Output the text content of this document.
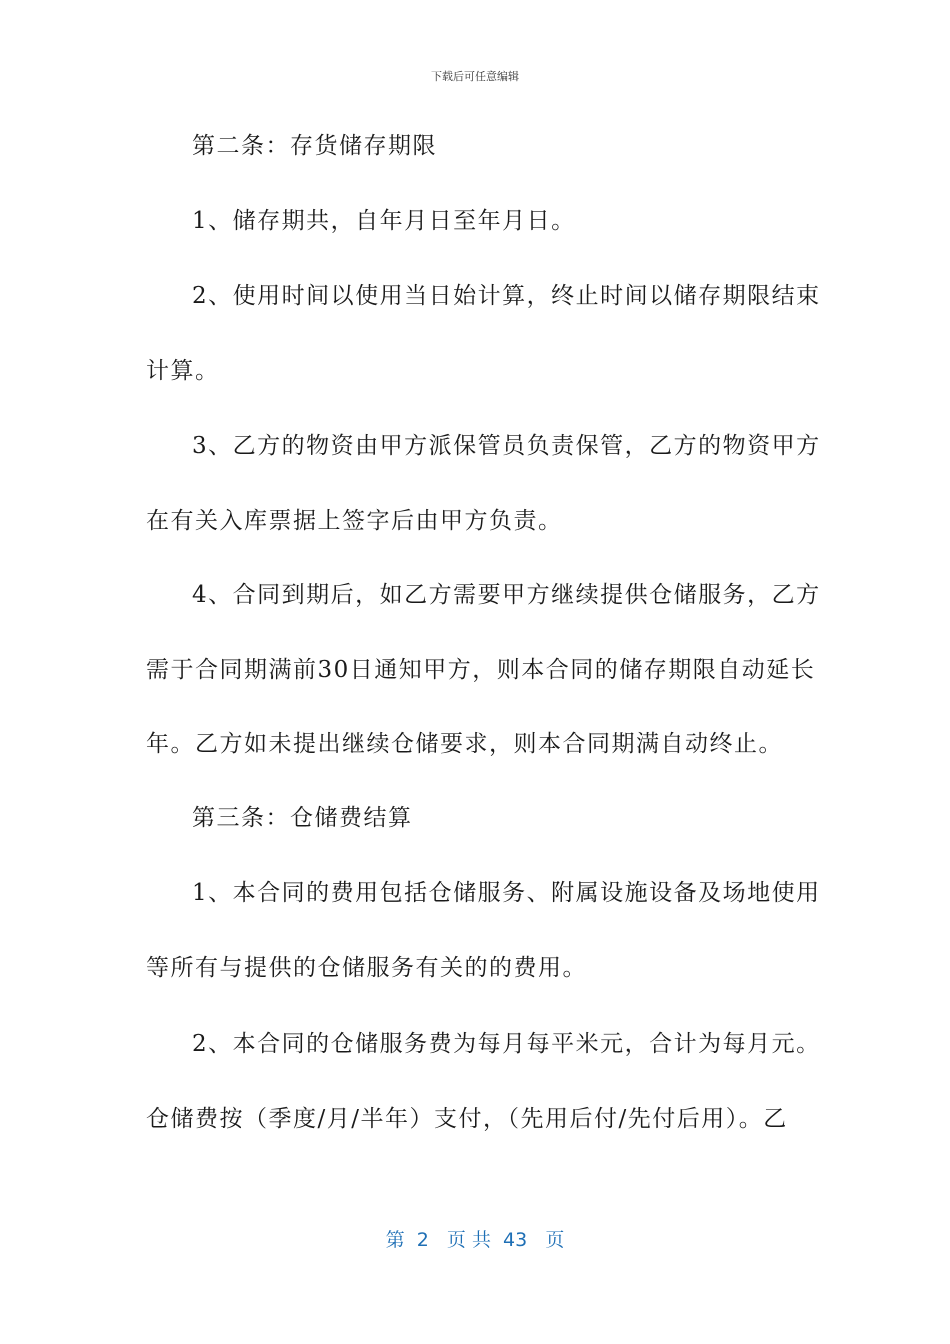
下载后可任意编辑
第二条：存货储存期限
1、储存期共，自年月日至年月日。
2、使用时间以使用当日始计算，终止时间以储存期限结束
计算。
3、乙方的物资由甲方派保管员负责保管，乙方的物资甲方
在有关入库票据上签字后由甲方负责。
4、合同到期后，如乙方需要甲方继续提供仓储服务，乙方
需于合同期满前30日通知甲方，则本合同的储存期限自动延长
年。乙方如未提出继续仓储要求，则本合同期满自动终止。
第三条：仓储费结算
1、本合同的费用包括仓储服务、附属设施设备及场地使用
等所有与提供的仓储服务有关的的费用。
2、本合同的仓储服务费为每月每平米元，合计为每月元。
仓储费按（季度/月/半年）支付，（先用后付/先付后用）。乙
第  2   页 共  43   页
